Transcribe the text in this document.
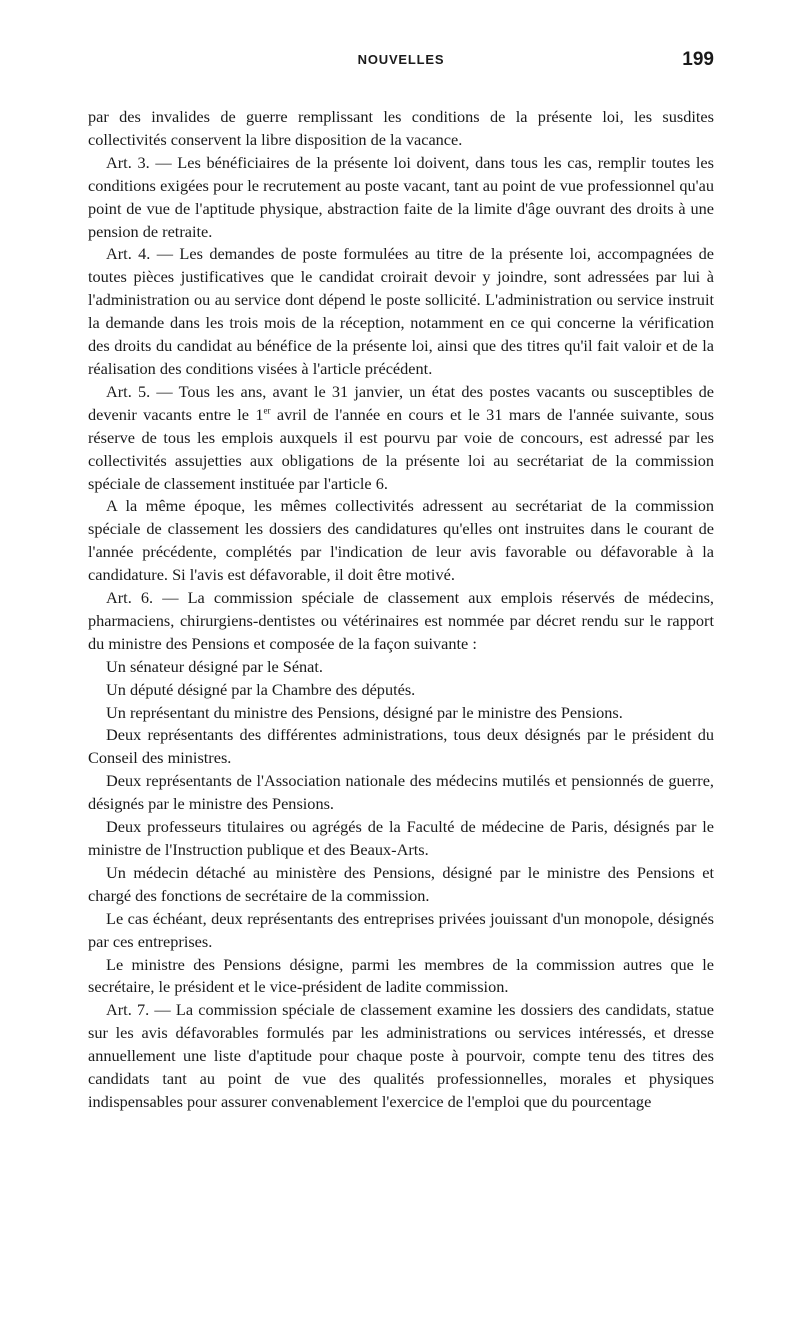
NOUVELLES	199

par des invalides de guerre remplissant les conditions de la présente loi, les susdites collectivités conservent la libre disposition de la vacance.

Art. 3. — Les bénéficiaires de la présente loi doivent, dans tous les cas, remplir toutes les conditions exigées pour le recrutement au poste vacant, tant au point de vue professionnel qu'au point de vue de l'aptitude physique, abstraction faite de la limite d'âge ouvrant des droits à une pension de retraite.

Art. 4. — Les demandes de poste formulées au titre de la présente loi, accompagnées de toutes pièces justificatives que le candidat croirait devoir y joindre, sont adressées par lui à l'administration ou au service dont dépend le poste sollicité. L'administration ou service instruit la demande dans les trois mois de la réception, notamment en ce qui concerne la vérification des droits du candidat au bénéfice de la présente loi, ainsi que des titres qu'il fait valoir et de la réalisation des conditions visées à l'article précédent.

Art. 5. — Tous les ans, avant le 31 janvier, un état des postes vacants ou susceptibles de devenir vacants entre le 1er avril de l'année en cours et le 31 mars de l'année suivante, sous réserve de tous les emplois auxquels il est pourvu par voie de concours, est adressé par les collectivités assujetties aux obligations de la présente loi au secrétariat de la commission spéciale de classement instituée par l'article 6.

A la même époque, les mêmes collectivités adressent au secrétariat de la commission spéciale de classement les dossiers des candidatures qu'elles ont instruites dans le courant de l'année précédente, complétés par l'indication de leur avis favorable ou défavorable à la candidature. Si l'avis est défavorable, il doit être motivé.

Art. 6. — La commission spéciale de classement aux emplois réservés de médecins, pharmaciens, chirurgiens-dentistes ou vétérinaires est nommée par décret rendu sur le rapport du ministre des Pensions et composée de la façon suivante :

Un sénateur désigné par le Sénat.

Un député désigné par la Chambre des députés.

Un représentant du ministre des Pensions, désigné par le ministre des Pensions.

Deux représentants des différentes administrations, tous deux désignés par le président du Conseil des ministres.

Deux représentants de l'Association nationale des médecins mutilés et pensionnés de guerre, désignés par le ministre des Pensions.

Deux professeurs titulaires ou agrégés de la Faculté de médecine de Paris, désignés par le ministre de l'Instruction publique et des Beaux-Arts.

Un médecin détaché au ministère des Pensions, désigné par le ministre des Pensions et chargé des fonctions de secrétaire de la commission.

Le cas échéant, deux représentants des entreprises privées jouissant d'un monopole, désignés par ces entreprises.

Le ministre des Pensions désigne, parmi les membres de la commission autres que le secrétaire, le président et le vice-président de ladite commission.

Art. 7. — La commission spéciale de classement examine les dossiers des candidats, statue sur les avis défavorables formulés par les administrations ou services intéressés, et dresse annuellement une liste d'aptitude pour chaque poste à pourvoir, compte tenu des titres des candidats tant au point de vue des qualités professionnelles, morales et physiques indispensables pour assurer convenablement l'exercice de l'emploi que du pourcentage
